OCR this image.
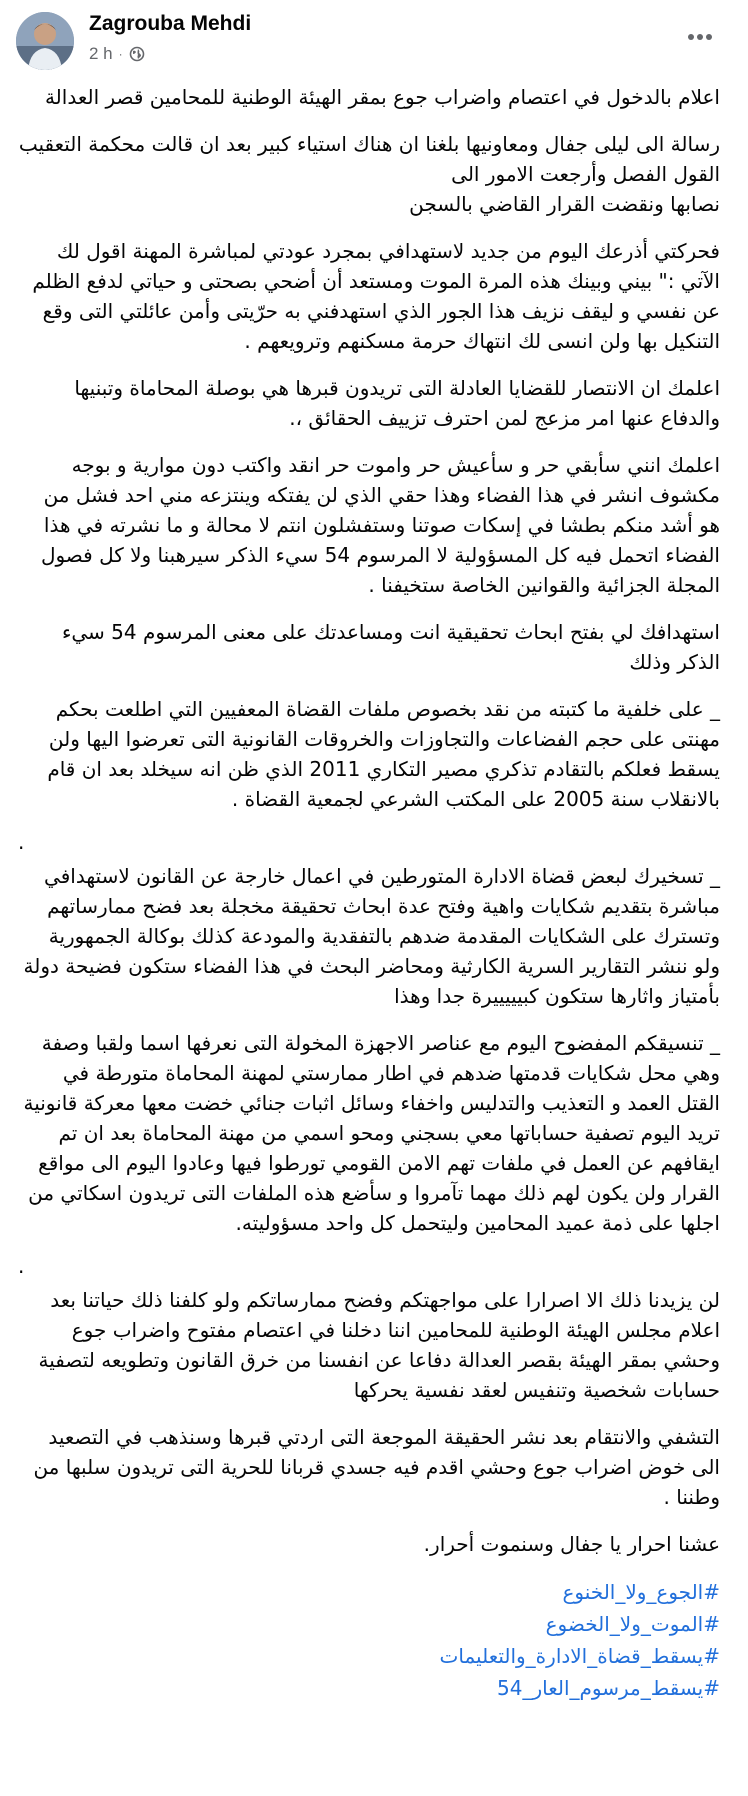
Zagrouba Mehdi
2 h ·

اعلام بالدخول في اعتصام واضراب جوع بمقر الهيئة الوطنية للمحامين قصر العدالة

رسالة الى ليلى جفال ومعاونيها بلغنا ان هناك استياء كبير بعد ان قالت محكمة التعقيب القول الفصل وأرجعت الامور الى
نصابها ونقضت القرار القاضي بالسجن

فحركتي أذرعك اليوم من جديد لاستهدافي بمجرد عودتي لمباشرة المهنة اقول لك الآتي :" بيني وبينك هذه المرة الموت ومستعد أن أضحي بصحتى و حياتي لدفع الظلم عن نفسي و ليقف نزيف هذا الجور الذي استهدفني به حرّيتى وأمن عائلتي التى وقع التنكيل بها ولن انسى لك انتهاك حرمة مسكنهم وترويعهم .

اعلمك ان الانتصار للقضايا العادلة التى تريدون قبرها هي بوصلة المحاماة وتبنيها والدفاع عنها امر مزعج لمن احترف تزييف الحقائق ،.

اعلمك انني سأبقي حر و سأعيش حر واموت حر انقد واكتب دون موارية و بوجه مكشوف انشر في هذا الفضاء وهذا حقي الذي لن يفتكه وينتزعه مني احد فشل من هو أشد منكم بطشا في إسكات صوتنا وستفشلون انتم لا محالة و ما نشرته في هذا الفضاء اتحمل فيه كل المسؤولية لا المرسوم 54 سيء الذكر سيرهبنا ولا كل فصول المجلة الجزائية والقوانين الخاصة ستخيفنا .

استهدافك لي بفتح ابحاث تحقيقية انت ومساعدتك على معنى المرسوم 54 سيء الذكر وذلك

_ على خلفية ما كتبته من نقد بخصوص ملفات القضاة المعفيين التي اطلعت بحكم مهنتى على حجم الفضاعات والتجاوزات والخروقات القانونية التى تعرضوا اليها ولن يسقط فعلكم بالتقادم تذكري مصير التكاري 2011 الذي ظن انه سيخلد بعد ان قام بالانقلاب سنة 2005 على المكتب الشرعي لجمعية القضاة .

.

_ تسخيرك لبعض قضاة الادارة المتورطين في اعمال خارجة عن القانون لاستهدافي مباشرة بتقديم شكايات واهية وفتح عدة ابحاث تحقيقة مخجلة بعد فضح ممارساتهم وتسترك على الشكايات المقدمة ضدهم بالتفقدية والمودعة كذلك بوكالة الجمهورية ولو ننشر التقارير السرية الكارثية ومحاضر البحث في هذا الفضاء ستكون فضيحة دولة بأمتياز واثارها ستكون كبيييييرة جدا وهذا

_ تنسيقكم المفضوح اليوم مع عناصر الاجهزة المخولة التى نعرفها اسما ولقبا وصفة وهي محل شكايات قدمتها ضدهم في اطار ممارستي لمهنة المحاماة متورطة في القتل العمد و التعذيب والتدليس واخفاء وسائل اثبات جنائي خضت معها معركة قانونية تريد اليوم تصفية حساباتها معي بسجني ومحو اسمي من مهنة المحاماة بعد ان تم ايقافهم عن العمل في ملفات تهم الامن القومي تورطوا فيها وعادوا اليوم الى مواقع القرار ولن يكون لهم ذلك مهما تآمروا و سأضع هذه الملفات التى تريدون اسكاتي من اجلها على ذمة عميد المحامين وليتحمل كل واحد مسؤوليته.

.

لن يزيدنا ذلك الا اصرارا على مواجهتكم وفضح ممارساتكم ولو كلفنا ذلك حياتنا بعد اعلام مجلس الهيئة الوطنية للمحامين اننا دخلنا في اعتصام مفتوح واضراب جوع وحشي بمقر الهيئة بقصر العدالة دفاعا عن انفسنا من خرق القانون وتطويعه لتصفية حسابات شخصية وتنفيس لعقد نفسية يحركها

التشفي والانتقام بعد نشر الحقيقة الموجعة التى اردتي قبرها وسنذهب في التصعيد الى خوض اضراب جوع وحشي اقدم فيه جسدي قربانا للحرية التى تريدون سلبها من وطننا .

عشنا احرار يا جفال وسنموت أحرار.

#الجوع_ولا_الخنوع
#الموت_ولا_الخضوع
#يسقط_قضاة_الادارة_والتعليمات
#يسقط_مرسوم_العار_54
